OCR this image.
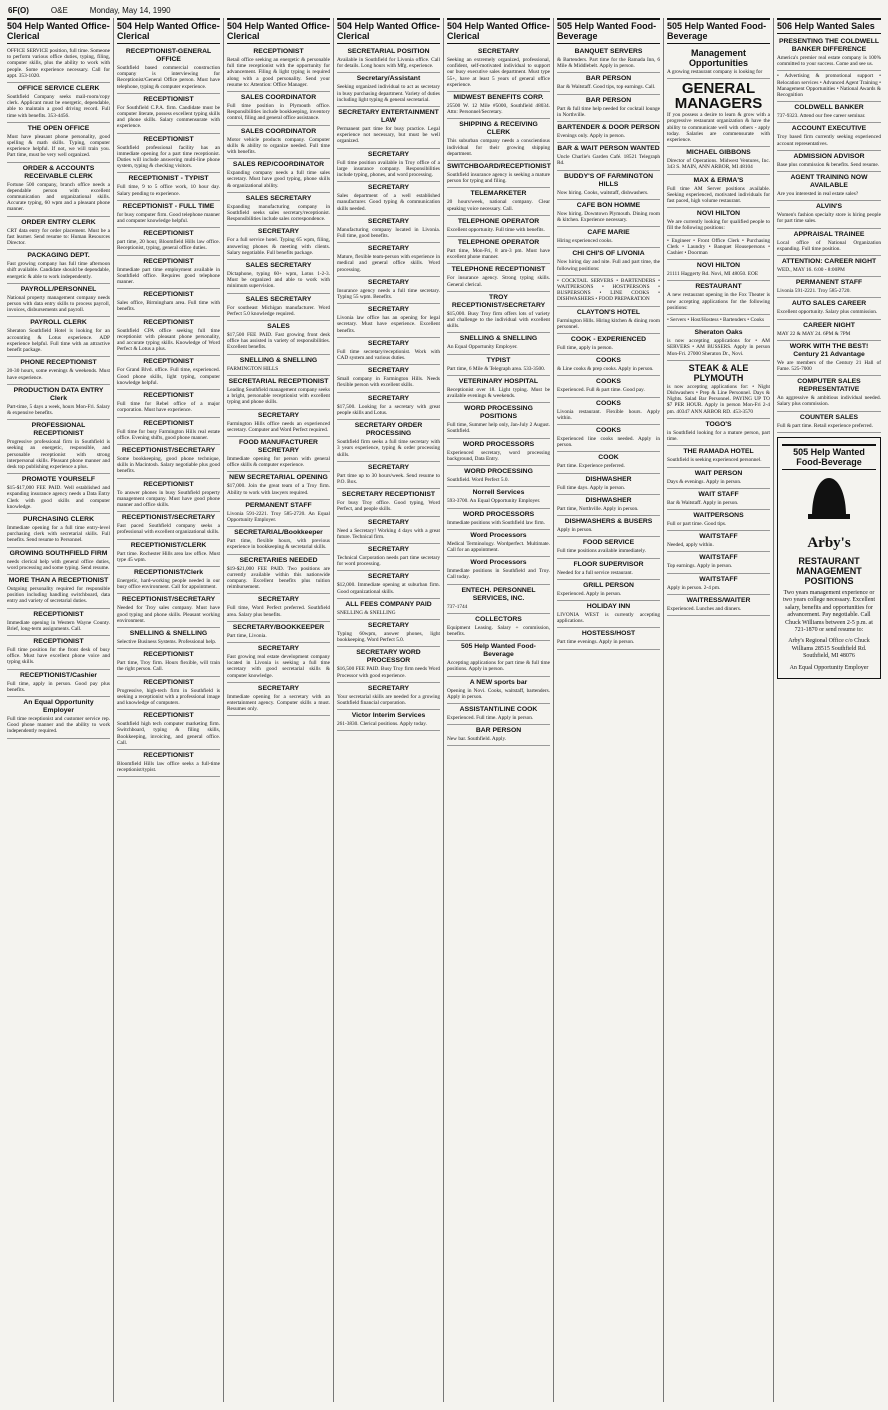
6F(O)	O&E	Monday, May 14, 1990
504 Help Wanted Office-Clerical
OFFICE SERVICE position, full time. Someone to perform various office duties, typing, filing, computer skills, plus the ability to work with people. Some experience necessary. Call for appt. 353-1020.
OFFICE SERVICE CLERK
Southfield Company seeks mail-room/copy clerk. Applicant must be energetic, dependable, able to maintain a good driving record. Full time with benefits. 353-4456.
THE OPEN OFFICE
Must have pleasant phone personality, good spelling & math skills. Typing, computer experience helpful. If not, we will train you. Part time, must be very well organized.
ORDER & ACCOUNTS RECEIVABLE CLERK
Fortune 500 company, branch office needs a dependable person with excellent communication and organizational skills. Accurate typing, 60 wpm and a pleasant phone manner.
ORDER ENTRY CLERK
CRT data entry for order placement. Must be a fast learner. Send resume to: Human Resources Director.
PACKAGING DEPT.
Fast growing company has full time afternoon shift available. Candidate should be dependable, energetic & able to work independently.
PAYROLL/PERSONNEL
National property management company needs person with data entry skills to process payroll, invoices, disbursements and payroll.
PAYROLL CLERK
Sheraton Southfield Hotel is looking for an accounting & Lotus experience. ADP experience helpful. Full time with an attractive benefit package.
PHONE RECEPTIONIST
20-30 hours, some evenings & weekends. Must have experience.
PRODUCTION DATA ENTRY Clerk
Part-time, 5 days a week, hours Mon-Fri. Salary & expensive benefits.
PROFESSIONAL RECEPTIONIST
Progressive professional firm in Southfield is seeking an energetic, responsible, and personable receptionist with strong interpersonal skills. Pleasant phone manner and desk top publishing experience a plus.
PROMOTE YOURSELF
$15-$17,000 FEE PAID. Well established and expanding insurance agency needs a Data Entry Clerk with good skills and computer knowledge.
PURCHASING CLERK
Immediate opening for a full time entry-level purchasing clerk with secretarial skills. Full benefits. Send resume to Personnel.
GROWING SOUTHFIELD FIRM
needs clerical help with general office duties, word processing and some typing. Send resume.
MORE THAN A RECEPTIONIST
Outgoing personality required for responsible position including handling switchboard, data entry and variety of secretarial duties.
RECEPTIONIST
Immediate opening in Western Wayne County. Brief, long-term assignments. Call.
RECEPTIONIST
Full time position for the front desk of busy office. Must have excellent phone voice and typing skills.
RECEPTIONIST/Cashier
Full time, apply in person. Good pay plus benefits.
An Equal Opportunity Employer
Full time receptionist and customer service rep. Good phone manner and the ability to work independently required.
504 Help Wanted Office-Clerical
RECEPTIONIST-GENERAL OFFICE
Southfield based commercial construction company is interviewing for Receptionist/General Office person. Must have telephone, typing & computer experience.
RECEPTIONIST
For Southfield C.P.A. firm. Candidate must be computer literate, possess excellent typing skills and phone skills. Salary commensurate with experience.
RECEPTIONIST
Southfield professional facility has an immediate opening for a part time receptionist. Duties will include answering multi-line phone system, typing & checking visitors.
RECEPTIONIST - TYPIST
Full time, 9 to 5 office work, 10 hour day. Salary pending to experience.
RECEPTIONIST - FULL TIME
for busy computer firm. Good telephone manner and computer knowledge helpful.
RECEPTIONIST
part time, 20 hour, Bloomfield Hills law office. Receptionist, typing, general office duties.
RECEPTIONIST
Immediate part time employment available in Southfield office. Requires good telephone manner.
RECEPTIONIST
Sales office, Birmingham area. Full time with benefits.
RECEPTIONIST
Southfield CPA office seeking full time receptionist with pleasant phone personality, and accurate typing skills. Knowledge of Word Perfect & Lotus a plus.
RECEPTIONIST
For Grand Blvd. office. Full time, experienced. Good phone skills, light typing, computer knowledge helpful.
RECEPTIONIST
Full time for Rebel office of a major corporation. Must have experience.
RECEPTIONIST
Full time for busy Farmington Hills real estate office. Evening shifts, good phone manner.
RECEPTIONIST/SECRETARY
Some bookkeeping, good phone technique, skills in Macintosh. Salary negotiable plus good benefits.
RECEPTIONIST
To answer phones in busy Southfield property management company. Must have good phone manner and office skills.
RECEPTIONIST/SECRETARY
Fast paced Southfield company seeks a professional with excellent organizational skills.
RECEPTIONIST/CLERK
Part time. Rochester Hills area law office. Must type 45 wpm.
RECEPTIONIST/Clerk
Energetic, hard-working people needed in our busy office environment. Call for appointment.
RECEPTIONIST/SECRETARY
Needed for Troy sales company. Must have good typing and phone skills. Pleasant working environment.
SNELLING & SNELLING
Selective Business Systems. Professional help.
RECEPTIONIST
Part time, Troy firm. Hours flexible, will train the right person. Call.
RECEPTIONIST
Progressive, high-tech firm in Southfield is seeking a receptionist with a professional image and knowledge of computers.
RECEPTIONIST
Southfield high tech computer marketing firm. Switchboard, typing & filing skills, Bookkeeping, invoicing, and general office. Call.
RECEPTIONIST
Bloomfield Hills law office seeks a full-time receptionist/typist.
504 Help Wanted Office-Clerical
RECEPTIONIST
Retail office seeking an energetic & personable full time receptionist with the opportunity for advancement. Filing & light typing is required along with a good personality. Send your resume to: Attention: Office Manager.
SALES COORDINATOR
Full time position in Plymouth office. Responsibilities include bookkeeping, inventory control, filing and general office assistance.
SALES COORDINATOR
Motor vehicle products company. Computer skills & ability to organize needed. Full time with benefits.
SALES REP/COORDINATOR
Expanding company needs a full time sales secretary. Must have good typing, phone skills & organizational ability.
SALES SECRETARY
Expanding manufacturing company in Southfield seeks sales secretary/receptionist. Responsibilities include sales correspondence.
SECRETARY
For a full service hotel. Typing 65 wpm, filing, answering phones & meeting with clients. Salary negotiable. Full benefits package.
SALES SECRETARY
Dictaphone, typing 60+ wpm, Lotus 1-2-3. Must be organized and able to work with minimum supervision.
SALES SECRETARY
For southeast Michigan manufacturer. Word Perfect 5.0 knowledge required.
SALES
$17,500 FEE PAID. Fast growing front desk office has assisted in variety of responsibilities. Excellent benefits.
SNELLING & SNELLING
FARMINGTON HILLS
SECRETARIAL RECEPTIONIST
Leading Southfield management company seeks a bright, personable receptionist with excellent typing and phone skills.
SECRETARY
Farmington Hills office needs an experienced secretary. Computer and Word Perfect required.
FOOD MANUFACTURER SECRETARY
Immediate opening for person with general office skills & computer experience.
NEW SECRETARIAL OPENING
$17,000. Join the great team of a Troy firm. Ability to work with lawyers required.
PERMANENT STAFF
Livonia 591-2221. Troy 585-2720. An Equal Opportunity Employer.
SECRETARIAL/Bookkeeper
Part time, flexible hours, with previous experience in bookkeeping & secretarial skills.
SECRETARIES NEEDED
$19-$21,000 FEE PAID. Two positions are currently available within this nationwide company. Excellent benefits plus tuition reimbursement.
SECRETARY
Full time, Word Perfect preferred. Southfield area. Salary plus benefits.
SECRETARY/BOOKKEEPER
Part time, Livonia.
SECRETARY
Fast growing real estate development company located in Livonia is seeking a full time secretary with good secretarial skills & computer knowledge.
SECRETARY
Immediate opening for a secretary with an entertainment agency. Computer skills a must. Resumes only.
504 Help Wanted Office-Clerical
SECRETARIAL POSITION
Available in Southfield for Livonia office. Call for details. Long hours with Mfg. experience.
Secretary/Assistant
Seeking organized individual to act as secretary in busy purchasing department. Variety of duties including light typing & general secretarial.
SECRETARY ENTERTAINMENT LAW
Permanent part time for busy practice. Legal experience not necessary, but must be well organized.
SECRETARY
Full time position available in Troy office of a large insurance company. Responsibilities include typing, phones, and word processing.
SECRETARY
Sales department of a well established manufacturer. Good typing & communication skills needed.
SECRETARY
Manufacturing company located in Livonia. Full time, good benefits.
SECRETARY
Mature, flexible team-person with experience in medical and general office skills. Word processing.
SECRETARY
Insurance agency needs a full time secretary. Typing 55 wpm. Benefits.
SECRETARY
Livonia law office has an opening for legal secretary. Must have experience. Excellent benefits.
SECRETARY
Full time secretary/receptionist. Work with CAD system and various duties.
SECRETARY
Small company in Farmington Hills. Needs flexible person with excellent skills.
SECRETARY
$17,500. Looking for a secretary with great people skills and Lotus.
SECRETARY ORDER PROCESSING
Southfield firm seeks a full time secretary with 3 years experience, typing & order processing skills.
SECRETARY
Part time up to 30 hours/week. Send resume to P.O. Box.
SECRETARY RECEPTIONIST
For busy Troy office. Good typing, Word Perfect, and people skills.
SECRETARY
Need a Secretary! Working 4 days with a great future. Technical firm.
SECRETARY
Technical Corporation needs part time secretary for word processing.
SECRETARY
$12,000. Immediate opening at suburban firm. Good organizational skills.
ALL FEES COMPANY PAID
SNELLING & SNELLING
SECRETARY
Typing 60wpm, answer phones, light bookkeeping. Word Perfect 5.0.
SECRETARY WORD PROCESSOR
$16,500 FEE PAID. Busy Troy firm needs Word Processor with good experience.
SECRETARY
Your secretarial skills are needed for a growing Southfield financial corporation.
Victor Interim Services
261-3830. Clerical positions. Apply today.
504 Help Wanted Office-Clerical
SECRETARY
Seeking an extremely organized, professional, confident, self-motivated individual to support our busy executive sales department. Must type 55+, have at least 5 years of general office experience.
MIDWEST BENEFITS CORP.
25500 W. 12 Mile #5000, Southfield 48034. Attn: Personnel/Secretary.
SHIPPING & RECEIVING CLERK
This suburban company needs a conscientious individual for their growing shipping department.
SWITCHBOARD/RECEPTIONIST
Southfield insurance agency is seeking a mature person for typing and filing.
TELEMARKETER
20 hours/week, national company. Clear speaking voice necessary. Call.
TELEPHONE OPERATOR
Excellent opportunity. Full time with benefits.
TELEPHONE OPERATOR
Part time, Mon-Fri, 8 am-3 pm. Must have excellent phone manner.
TELEPHONE RECEPTIONIST
For insurance agency. Strong typing skills. General clerical.
TROY RECEPTIONIST/SECRETARY
$15,000. Busy Troy firm offers lots of variety and challenge to the individual with excellent skills.
SNELLING & SNELLING
An Equal Opportunity Employer.
TYPIST
Part time, 6 Mile & Telegraph area. 533-3500.
VETERINARY HOSPITAL
Receptionist over 18. Light typing. Must be available evenings & weekends.
WORD PROCESSING POSITIONS
Full time, Summer help only, Jan-July 2 August. Southfield.
WORD PROCESSORS
Experienced secretary, word processing background, Data Entry.
WORD PROCESSING
Southfield. Word Perfect 5.0.
Norrell Services
593-3700. An Equal Opportunity Employer.
WORD PROCESSORS
Immediate positions with Southfield law firm.
Word Processors
Medical Terminology. Wordperfect. Multimate. Call for an appointment.
Word Processors
Immediate positions in Southfield and Troy. Call today.
ENTECH. PERSONNEL SERVICES, INC.
737-1744
COLLECTORS
Equipment Leasing. Salary + commission, benefits.
505 Help Wanted Food-Beverage
Accepting applications for part time & full time positions. Apply in person.
A NEW sports bar
Opening in Novi. Cooks, waitstaff, bartenders. Apply in person.
ASSISTANT/LINE COOK
Experienced. Full time. Apply in person.
BAR PERSON
New bar. Southfield. Apply.
505 Help Wanted Food-Beverage
BANQUET SERVERS
& Bartenders. Part time for the Ramada Inn, 6 Mile & Middlebelt. Apply in person.
BAR PERSON
Bar & Waitstaff. Good tips, top earnings. Call.
BAR PERSON
Part & full time help needed for cocktail lounge in Northville.
BARTENDER & DOOR PERSON
Evenings only. Apply in person.
BAR & WAIT PERSON WANTED
Uncle Charlie's Garden Café. 18521 Telegraph Rd.
BUDDY'S OF FARMINGTON HILLS
Now hiring. Cooks, waitstaff, dishwashers.
CAFE BON HOMME
Now hiring. Downtown Plymouth. Dining room & kitchen. Experience necessary.
CAFE MARIE
Hiring experienced cooks.
CHI CHI'S OF LIVONIA
Now hiring day and nite. Full and part time, the following positions:
• COCKTAIL SERVERS • BARTENDERS • WAITPERSONS • HOSTPERSONS • BUSPERSONS • LINE COOKS • DISHWASHERS • FOOD PREPARATION
CLAYTON'S HOTEL
Farmington Hills. Hiring kitchen & dining room personnel.
COOK - EXPERIENCED
Full time, apply in person.
COOKS
& Line cooks & prep cooks. Apply in person.
COOKS
Experienced. Full & part time. Good pay.
COOKS
Livonia restaurant. Flexible hours. Apply within.
COOKS
Experienced line cooks needed. Apply in person.
COOK
Part time. Experience preferred.
DISHWASHER
Full time days. Apply in person.
DISHWASHER
Part time, Northville. Apply in person.
DISHWASHERS & BUSERS
Apply in person.
FOOD SERVICE
Full time positions available immediately.
FLOOR SUPERVISOR
Needed for a full service restaurant.
GRILL PERSON
Experienced. Apply in person.
HOLIDAY INN
LIVONIA WEST is currently accepting applications.
HOSTESS/HOST
Part time evenings. Apply in person.
505 Help Wanted Food-Beverage
Management Opportunities
A growing restaurant company is looking for
GENERAL MANAGERS
If you possess a desire to learn & grow with a progressive restaurant organization & have the ability to communicate well with others - apply today. Salaries are commensurate with experience.
MICHAEL GIBBONS
Director of Operations. Midwest Ventures, Inc. 343 S. MAIN, ANN ARBOR, MI 48104
MAX & ERMA'S
Full time AM Server positions available. Seeking experienced, motivated individuals for fast paced, high volume restaurant.
NOVI HILTON
We are currently looking for qualified people to fill the following positions:
• Engineer • Front Office Clerk • Purchasing Clerk • Laundry • Banquet Housepersons • Cashier • Doorman
NOVI HILTON
21111 Haggerty Rd. Novi, MI 48050. EOE
RESTAURANT
A new restaurant opening in the Fox Theater is now accepting applications for the following positions:
• Servers • Host/Hostess • Bartenders • Cooks
Sheraton Oaks
is now accepting applications for • AM SERVERS • AM BUSSERS. Apply in person Mon-Fri. 27000 Sheraton Dr., Novi.
STEAK & ALE PLYMOUTH
is now accepting applications for: • Night Dishwashers • Prep & Line Personnel. Days & Nights. Salad Bar Personnel. PAYING UP TO $7 PER HOUR. Apply in person Mon-Fri 2-4 pm. 40347 ANN ARBOR RD. 453-3570
TOGO'S
in Southfield looking for a mature person, part time.
THE RAMADA HOTEL
Southfield is seeking experienced personnel.
WAIT PERSON
Days & evenings. Apply in person.
WAIT STAFF
Bar & Waitstaff. Apply in person.
WAITPERSONS
Full or part time. Good tips.
WAITSTAFF
Needed, apply within.
WAITSTAFF
Top earnings. Apply in person.
WAITSTAFF
Apply in person. 2-4 pm.
WAITRESS/WAITER
Experienced. Lunches and dinners.
506 Help Wanted Sales
PRESENTING THE COLDWELL BANKER DIFFERENCE
America's premier real estate company is 100% committed to your success. Come and see us.
• Advertising & promotional support • Relocation services • Advanced Agent Training • Management Opportunities • National Awards & Recognition
COLDWELL BANKER
737-9323. Attend our free career seminar.
ACCOUNT EXECUTIVE
Troy based firm currently seeking experienced account representatives.
ADMISSION ADVISOR
Base plus commission & benefits. Send resume.
AGENT TRAINING NOW AVAILABLE
Are you interested in real estate sales?
ALVIN'S
Women's fashion specialty store is hiring people for part time sales.
APPRAISAL TRAINEE
Local office of National Organization expanding. Full time position.
ATTENTION: CAREER NIGHT
WED., MAY 16. 6:00 - 8:00PM
PERMANENT STAFF
Livonia 591-2221. Troy 585-2720.
AUTO SALES CAREER
Excellent opportunity. Salary plus commission.
CAREER NIGHT
MAY 22 & MAY 24. 6PM & 7PM
WORK WITH THE BEST! Century 21 Advantage
We are members of the Century 21 Hall of Fame. 525-7000
COMPUTER SALES REPRESENTATIVE
An aggressive & ambitious individual needed. Salary plus commission.
COUNTER SALES
Full & part time. Retail experience preferred.
505 Help Wanted Food-Beverage
Arby's
RESTAURANT MANAGEMENT POSITIONS
Two years management experience or two years college necessary. Excellent salary, benefits and opportunities for advancement. Pay negotiable. Call Chuck Williams between 2-5 p.m. at 721-1870 or send resume to:
Arby's Regional Office c/o Chuck Williams 28515 Southfield Rd. Southfield, MI 48076
An Equal Opportunity Employer
